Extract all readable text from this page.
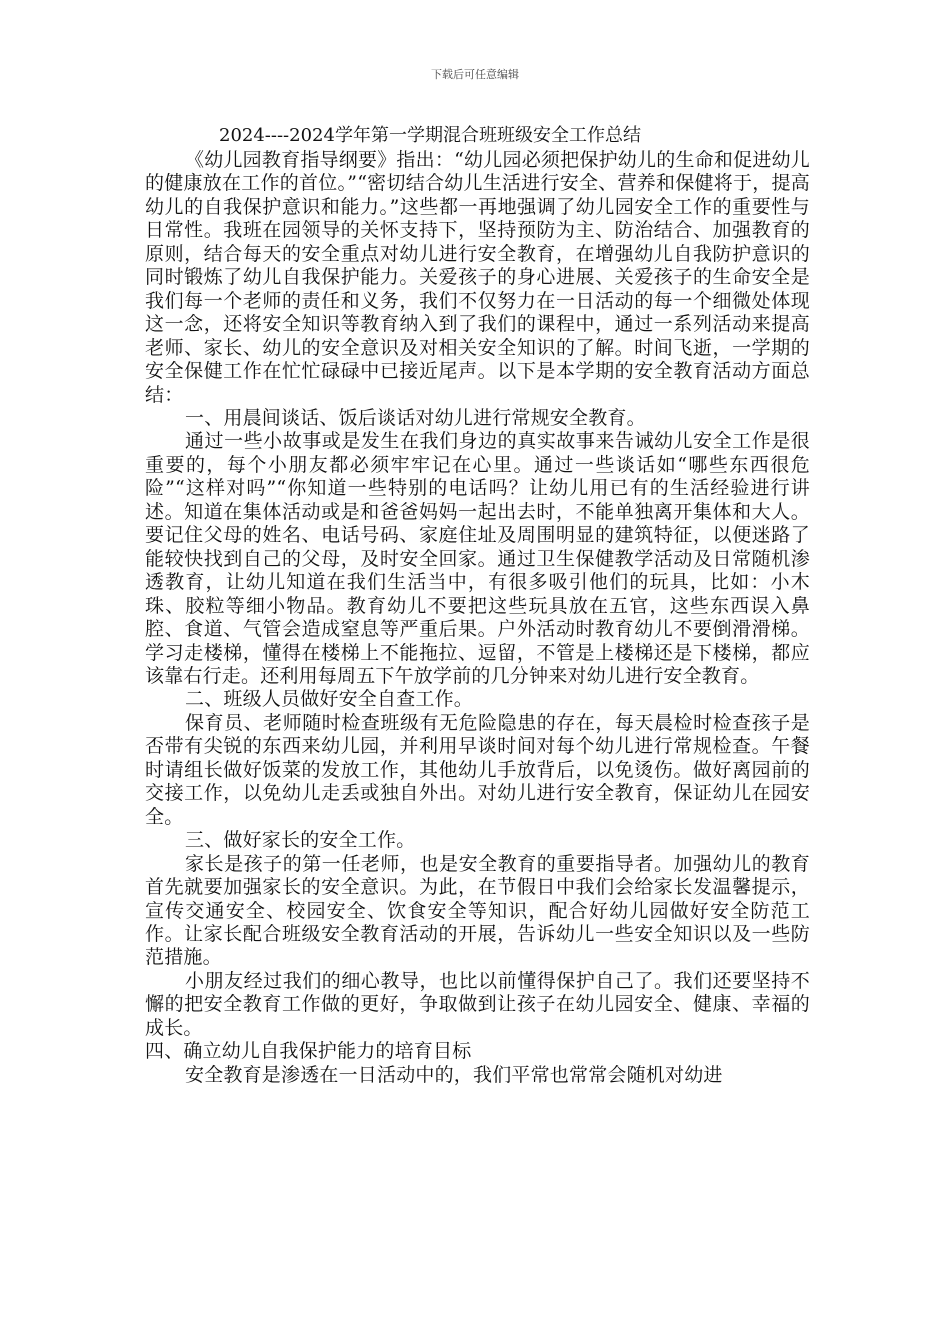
下载后可任意编辑
2024----2024学年第一学期混合班班级安全工作总结

《幼儿园教育指导纲要》指出：“幼儿园必须把保护幼儿的生命和促进幼儿的健康放在工作的首位。”“密切结合幼儿生活进行安全、营养和保健将于，提高幼儿的自我保护意识和能力。”这些都一再地强调了幼儿园安全工作的重要性与日常性。我班在园领导的关怀支持下，坚持预防为主、防治结合、加强教育的原则，结合每天的安全重点对幼儿进行安全教育，在增强幼儿自我防护意识的同时锻炼了幼儿自我保护能力。关爱孩子的身心进展、关爱孩子的生命安全是我们每一个老师的责任和义务，我们不仅努力在一日活动的每一个细微处体现这一念，还将安全知识等教育纳入到了我们的课程中，通过一系列活动来提高老师、家长、幼儿的安全意识及对相关安全知识的了解。时间飞逝，一学期的安全保健工作在忙忙碌碌中已接近尾声。以下是本学期的安全教育活动方面总结：

一、用晨间谈话、饭后谈话对幼儿进行常规安全教育。

通过一些小故事或是发生在我们身边的真实故事来告诫幼儿安全工作是很重要的，每个小朋友都必须牢牢记在心里。通过一些谈话如“哪些东西很危险”“这样对吗”“你知道一些特别的电话吗？让幼儿用已有的生活经验进行讲述。知道在集体活动或是和爸爸妈妈一起出去时，不能单独离开集体和大人。要记住父母的姓名、电话号码、家庭住址及周围明显的建筑特征，以便迷路了能较快找到自己的父母，及时安全回家。通过卫生保健教学活动及日常随机渗透教育，让幼儿知道在我们生活当中，有很多吸引他们的玩具，比如：小木珠、胶粒等细小物品。教育幼儿不要把这些玩具放在五官，这些东西误入鼻腔、食道、气管会造成窒息等严重后果。户外活动时教育幼儿不要倒滑滑梯。学习走楼梯，懂得在楼梯上不能拖拉、逗留，不管是上楼梯还是下楼梯，都应该靠右行走。还利用每周五下午放学前的几分钟来对幼儿进行安全教育。

二、班级人员做好安全自查工作。

保育员、老师随时检查班级有无危险隐患的存在，每天晨检时检查孩子是否带有尖锐的东西来幼儿园，并利用早谈时间对每个幼儿进行常规检查。午餐时请组长做好饭菜的发放工作，其他幼儿手放背后，以免烫伤。做好离园前的交接工作，以免幼儿走丢或独自外出。对幼儿进行安全教育，保证幼儿在园安全。

三、做好家长的安全工作。

家长是孩子的第一任老师，也是安全教育的重要指导者。加强幼儿的教育首先就要加强家长的安全意识。为此，在节假日中我们会给家长发温馨提示，宣传交通安全、校园安全、饮食安全等知识，配合好幼儿园做好安全防范工作。让家长配合班级安全教育活动的开展，告诉幼儿一些安全知识以及一些防范措施。

小朋友经过我们的细心教导，也比以前懂得保护自己了。我们还要坚持不懈的把安全教育工作做的更好，争取做到让孩子在幼儿园安全、健康、幸福的成长。

四、确立幼儿自我保护能力的培育目标

安全教育是渗透在一日活动中的，我们平常也常常会随机对幼进
